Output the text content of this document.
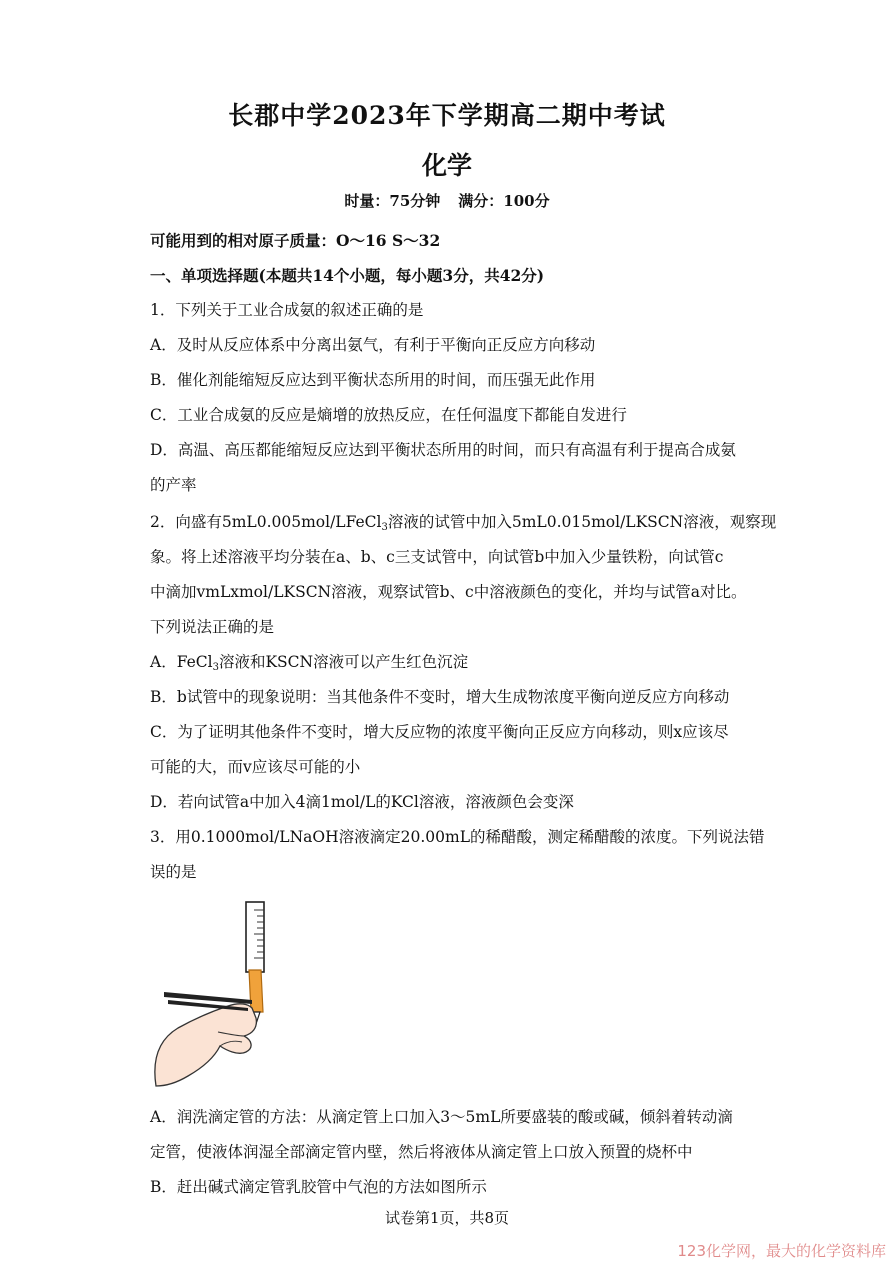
长郡中学2023年下学期高二期中考试
化学
时量：75分钟 满分：100分
可能用到的相对原子质量：O～16 S～32
一、单项选择题(本题共14个小题，每小题3分，共42分)
1．下列关于工业合成氨的叙述正确的是
A．及时从反应体系中分离出氨气，有利于平衡向正反应方向移动
B．催化剂能缩短反应达到平衡状态所用的时间，而压强无此作用
C．工业合成氨的反应是熵增的放热反应，在任何温度下都能自发进行
D．高温、高压都能缩短反应达到平衡状态所用的时间，而只有高温有利于提高合成氨
的产率
2．向盛有5mL0.005mol/LFeCl$_3$溶液的试管中加入5mL0.015mol/LKSCN溶液，观察现
象。将上述溶液平均分装在a、b、c三支试管中，向试管b中加入少量铁粉，向试管c
中滴加vmLxmol/LKSCN溶液，观察试管b、c中溶液颜色的变化，并均与试管a对比。
下列说法正确的是
A．FeCl$_3$溶液和KSCN溶液可以产生红色沉淀
B．b试管中的现象说明：当其他条件不变时，增大生成物浓度平衡向逆反应方向移动
C．为了证明其他条件不变时，增大反应物的浓度平衡向正反应方向移动，则x应该尽
可能的大，而v应该尽可能的小
D．若向试管a中加入4滴1mol/L的KCl溶液，溶液颜色会变深
3．用0.1000mol/LNaOH溶液滴定20.00mL的稀醋酸，测定稀醋酸的浓度。下列说法错
误的是
A．润洗滴定管的方法：从滴定管上口加入3～5mL所要盛装的酸或碱，倾斜着转动滴
定管，使液体润湿全部滴定管内壁，然后将液体从滴定管上口放入预置的烧杯中
B．赶出碱式滴定管乳胶管中气泡的方法如图所示
试卷第1页，共8页
123化学网，最大的化学资料库
